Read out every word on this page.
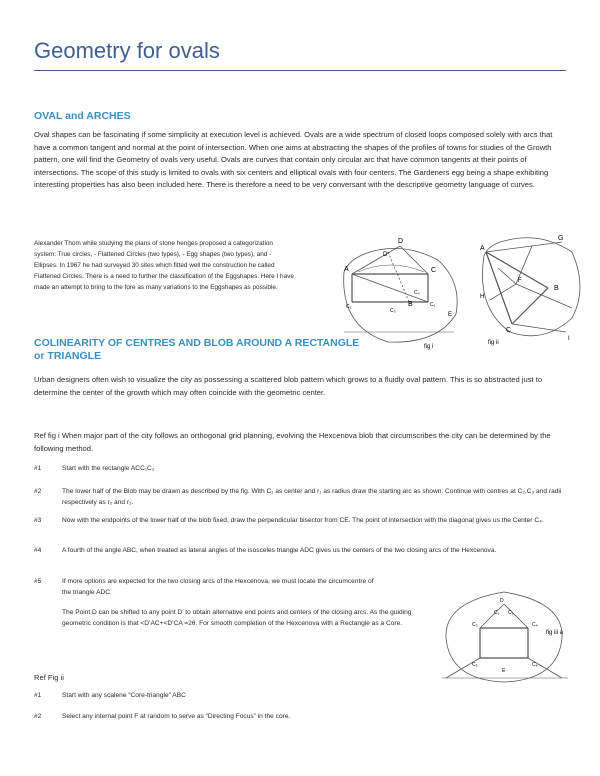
Geometry for ovals
OVAL and ARCHES

Oval shapes can be fascinating if some simplicity at execution level is achieved. Ovals are a wide spectrum of closed loops composed solely with arcs that have a common tangent and normal at the point of intersection. When one aims at abstracting the shapes of the profiles of towns for studies of the Growth pattern, one will find the Geometry of ovals very useful. Ovals are curves that contain only circular arc that have common tangents at their points of intersections. The scope of this study is limited to ovals with six centers and elliptical ovals with four centers. The Gardeners egg being a shape exhibiting interesting properties has also been included here. There is therefore a need to be very conversant with the descriptive geometry language of curves.

Alexander Thom while studying the plans of stone henges proposed a categorization system: True circles, - Flattened Circles (two types), - Egg shapes (two types), and - Ellipses. In 1967 he had surveyed 30 sites which fitted well the construction he called Flattened Circles. There is a need to further the classification of the Eggshapes. Here I have made an attempt to bring to the fore as many variations to the Eggshapes as possible.

COLINEARITY OF CENTRES AND BLOB AROUND A RECTANGLE
or TRIANGLE

Urban designers often wish to visualize the city as possessing a scattered blob pattern which grows to a fluidly oval pattern. This is so abstracted just to determine the center of the growth which may often coincide with the geometric center.

Ref fig i When major part of the city follows an orthogonal grid planning, evolving the Hexcenova blob that circumscribes the city can be determined by the following method.

#1	Start with the rectangle ACC₁C₂
#2	The lower half of the Blob may be drawn as described by the fig. With C₁ as center and r₁ as radius draw the starting arc as shown. Continue with centres at C₂,C₃ and radii respectively as r₂ and r₃.
#3	Now with the endpoints of the lower half of the blob fixed, draw the perpendicular bisector from CE. The point of intersection with the diagonal gives us the Center C₄.
#4	A fourth of the angle ABC, when treated as lateral angles of the isosceles triangle ADC gives us the centers of the two closing arcs of the Hexcenova.
#5	If more options are expected for the two closing arcs of the Hexcenova, we must locate the circumcentre of the triangle ADC.
The Point D can be shifted to any point D’ to obtain alternative end points and centers of the closing arcs. As the guiding geometric condition is that <D’AC+<D’CA =2θ. For smooth completion of the Hexcenova with a Rectangle as a Core.
Ref Fig ii
#1	Start with any scalene “Core-triangle” ABC
#2	Select any internal point F at random to serve as “Directing Focus” in the core.
A
D
B
C
E
D'
C₁
C₂
C₃
C₄
fig i
A
B
C
G
H
I
F
fig ii
C₁ C₂
C₃	C₄
C₅	C₆
D
E
fig iii a
